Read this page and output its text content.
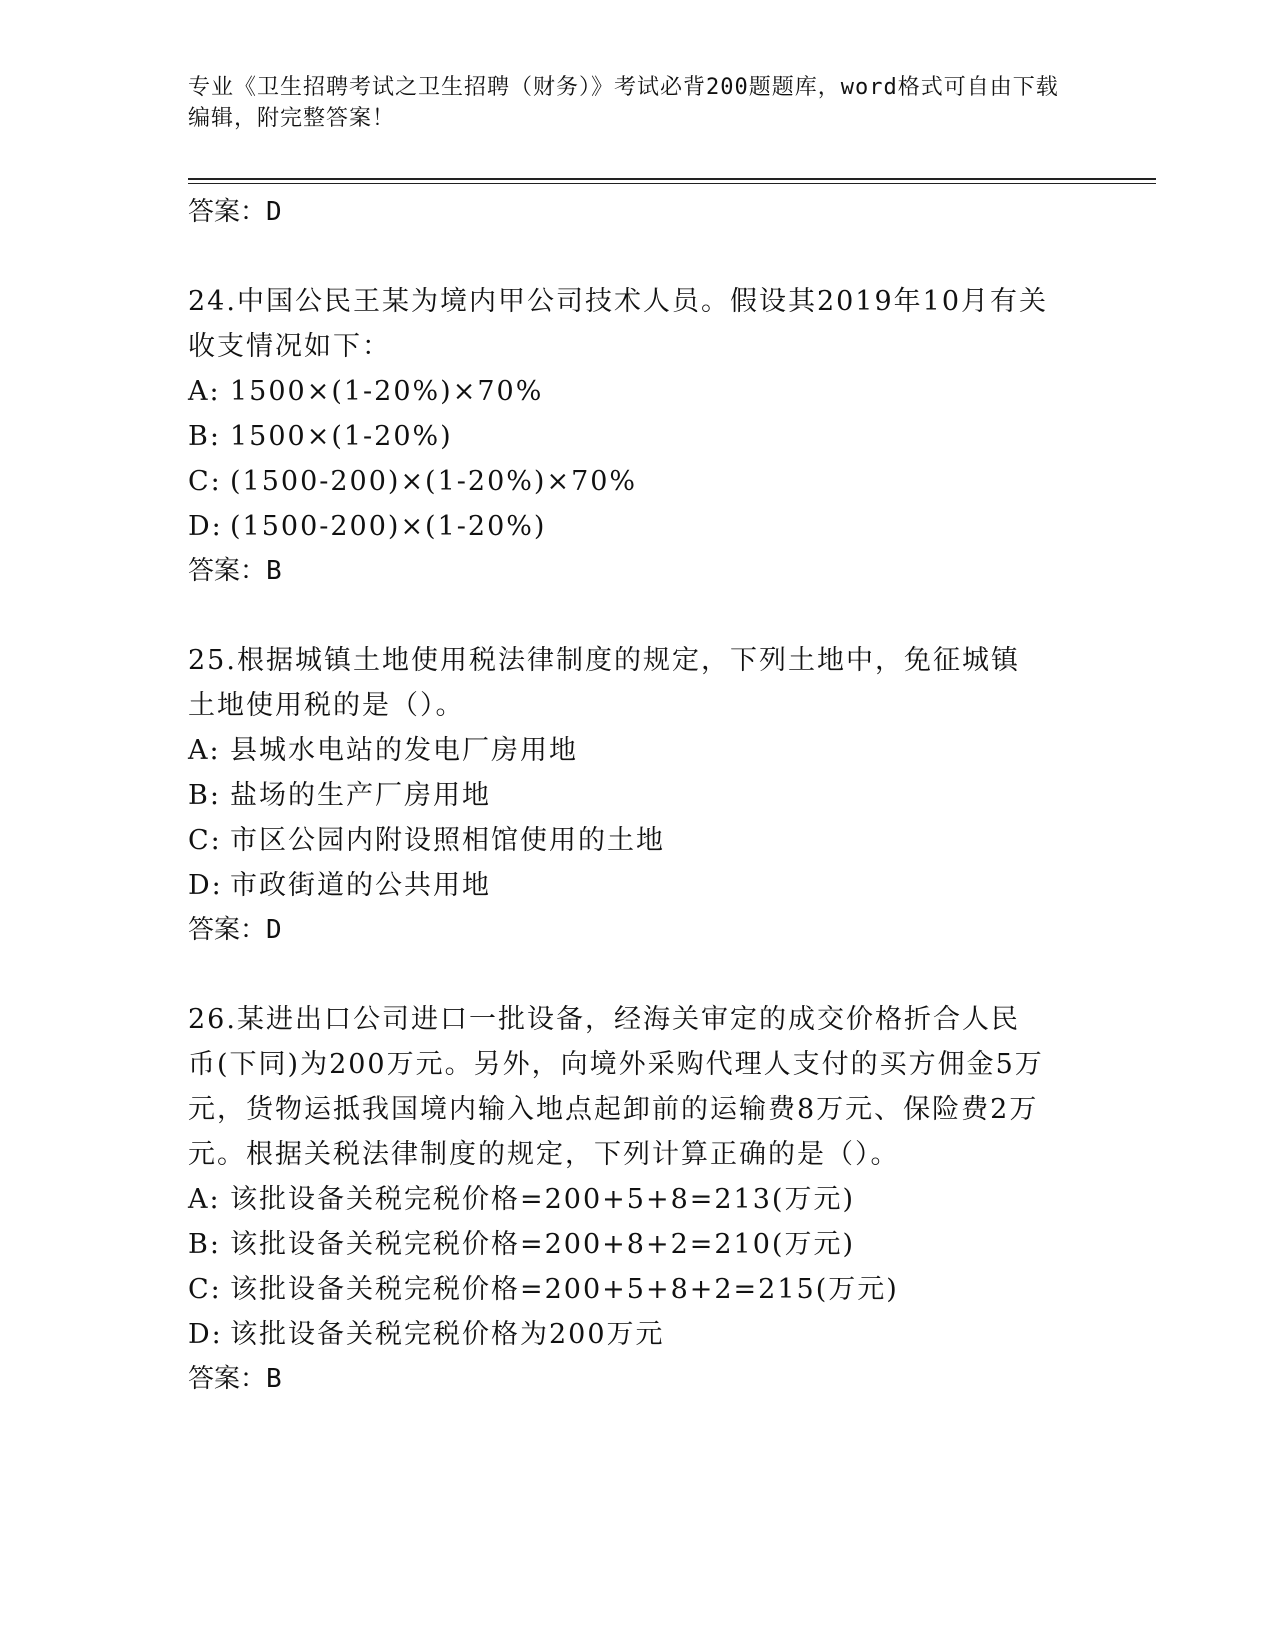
专业《卫生招聘考试之卫生招聘（财务）》考试必背200题题库，word格式可自由下载编辑，附完整答案！
答案：D
24.中国公民王某为境内甲公司技术人员。假设其2019年10月有关收支情况如下：
A: 1500×(1-20%)×70%
B: 1500×(1-20%)
C: (1500-200)×(1-20%)×70%
D: (1500-200)×(1-20%)
答案：B
25.根据城镇土地使用税法律制度的规定，下列土地中，免征城镇土地使用税的是（）。
A: 县城水电站的发电厂房用地
B: 盐场的生产厂房用地
C: 市区公园内附设照相馆使用的土地
D: 市政街道的公共用地
答案：D
26.某进出口公司进口一批设备，经海关审定的成交价格折合人民币(下同)为200万元。另外，向境外采购代理人支付的买方佣金5万元，货物运抵我国境内输入地点起卸前的运输费8万元、保险费2万元。根据关税法律制度的规定，下列计算正确的是（）。
A: 该批设备关税完税价格=200+5+8=213(万元)
B: 该批设备关税完税价格=200+8+2=210(万元)
C: 该批设备关税完税价格=200+5+8+2=215(万元)
D: 该批设备关税完税价格为200万元
答案：B
